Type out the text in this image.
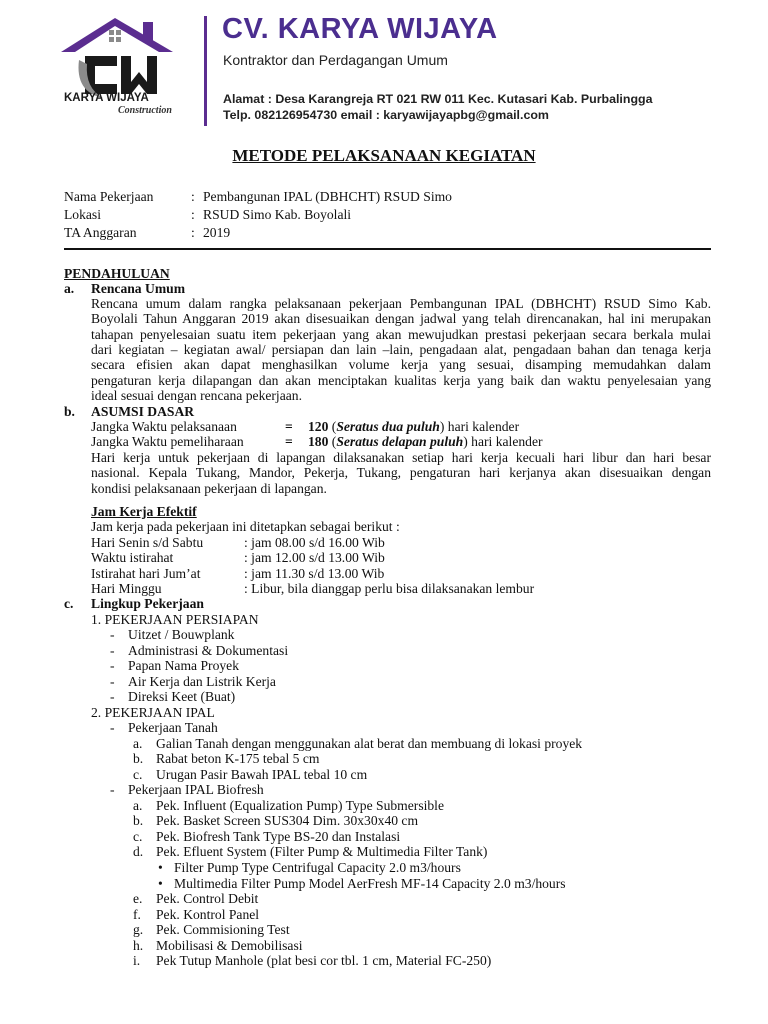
KARYA WIJAYA
Construction
CV. KARYA WIJAYA
Kontraktor dan Perdagangan Umum
Alamat : Desa Karangreja RT 021 RW 011 Kec. Kutasari Kab. Purbalingga
Telp. 082126954730 email : karyawijayapbg@gmail.com
METODE PELAKSANAAN KEGIATAN
Nama Pekerjaan	: Pembangunan IPAL (DBHCHT) RSUD Simo
Lokasi	: RSUD Simo Kab. Boyolali
TA Anggaran	: 2019
PENDAHULUAN
a. Rencana Umum
Rencana umum dalam rangka pelaksanaan pekerjaan Pembangunan IPAL (DBHCHT) RSUD Simo Kab.
Boyolali Tahun Anggaran 2019 akan disesuaikan dengan jadwal yang telah direncanakan, hal ini merupakan
tahapan penyelesaian suatu item pekerjaan yang akan mewujudkan prestasi pekerjaan secara berkala mulai
dari kegiatan – kegiatan awal/ persiapan dan lain –lain, pengadaan alat, pengadaan bahan dan tenaga kerja
secara efisien akan dapat menghasilkan volume kerja yang sesuai, disamping memudahkan dalam
pengaturan kerja dilapangan dan akan menciptakan kualitas kerja yang baik dan waktu penyelesaian yang
ideal sesuai dengan rencana pekerjaan.
b. ASUMSI DASAR
Jangka Waktu pelaksanaan	= 120 (Seratus dua puluh) hari kalender
Jangka Waktu pemeliharaan	= 180 (Seratus delapan puluh) hari kalender
Hari kerja untuk pekerjaan di lapangan dilaksanakan setiap hari kerja kecuali hari libur dan hari besar
nasional. Kepala Tukang, Mandor, Pekerja, Tukang, pengaturan hari kerjanya akan disesuaikan dengan
kondisi pelaksanaan pekerjaan di lapangan.
Jam Kerja Efektif
Jam kerja pada pekerjaan ini ditetapkan sebagai berikut :
Hari Senin s/d Sabtu	: jam 08.00 s/d 16.00 Wib
Waktu istirahat	: jam 12.00 s/d 13.00 Wib
Istirahat hari Jum’at	: jam 11.30 s/d 13.00 Wib
Hari Minggu	: Libur, bila dianggap perlu bisa dilaksanakan lembur
c. Lingkup Pekerjaan
1. PEKERJAAN PERSIAPAN
- Uitzet / Bouwplank
- Administrasi & Dokumentasi
- Papan Nama Proyek
- Air Kerja dan Listrik Kerja
- Direksi Keet (Buat)
2. PEKERJAAN IPAL
- Pekerjaan Tanah
a. Galian Tanah dengan menggunakan alat berat dan membuang di lokasi proyek
b. Rabat beton K-175 tebal 5 cm
c. Urugan Pasir Bawah IPAL tebal 10 cm
- Pekerjaan IPAL Biofresh
a. Pek. Influent (Equalization Pump) Type Submersible
b. Pek. Basket Screen SUS304 Dim. 30x30x40 cm
c. Pek. Biofresh Tank Type BS-20 dan Instalasi
d. Pek. Efluent System (Filter Pump & Multimedia Filter Tank)
• Filter Pump Type Centrifugal Capacity 2.0 m3/hours
• Multimedia Filter Pump Model AerFresh MF-14 Capacity 2.0 m3/hours
e. Pek. Control Debit
f. Pek. Kontrol Panel
g. Pek. Commisioning Test
h. Mobilisasi & Demobilisasi
i. Pek Tutup Manhole (plat besi cor tbl. 1 cm, Material FC-250)
